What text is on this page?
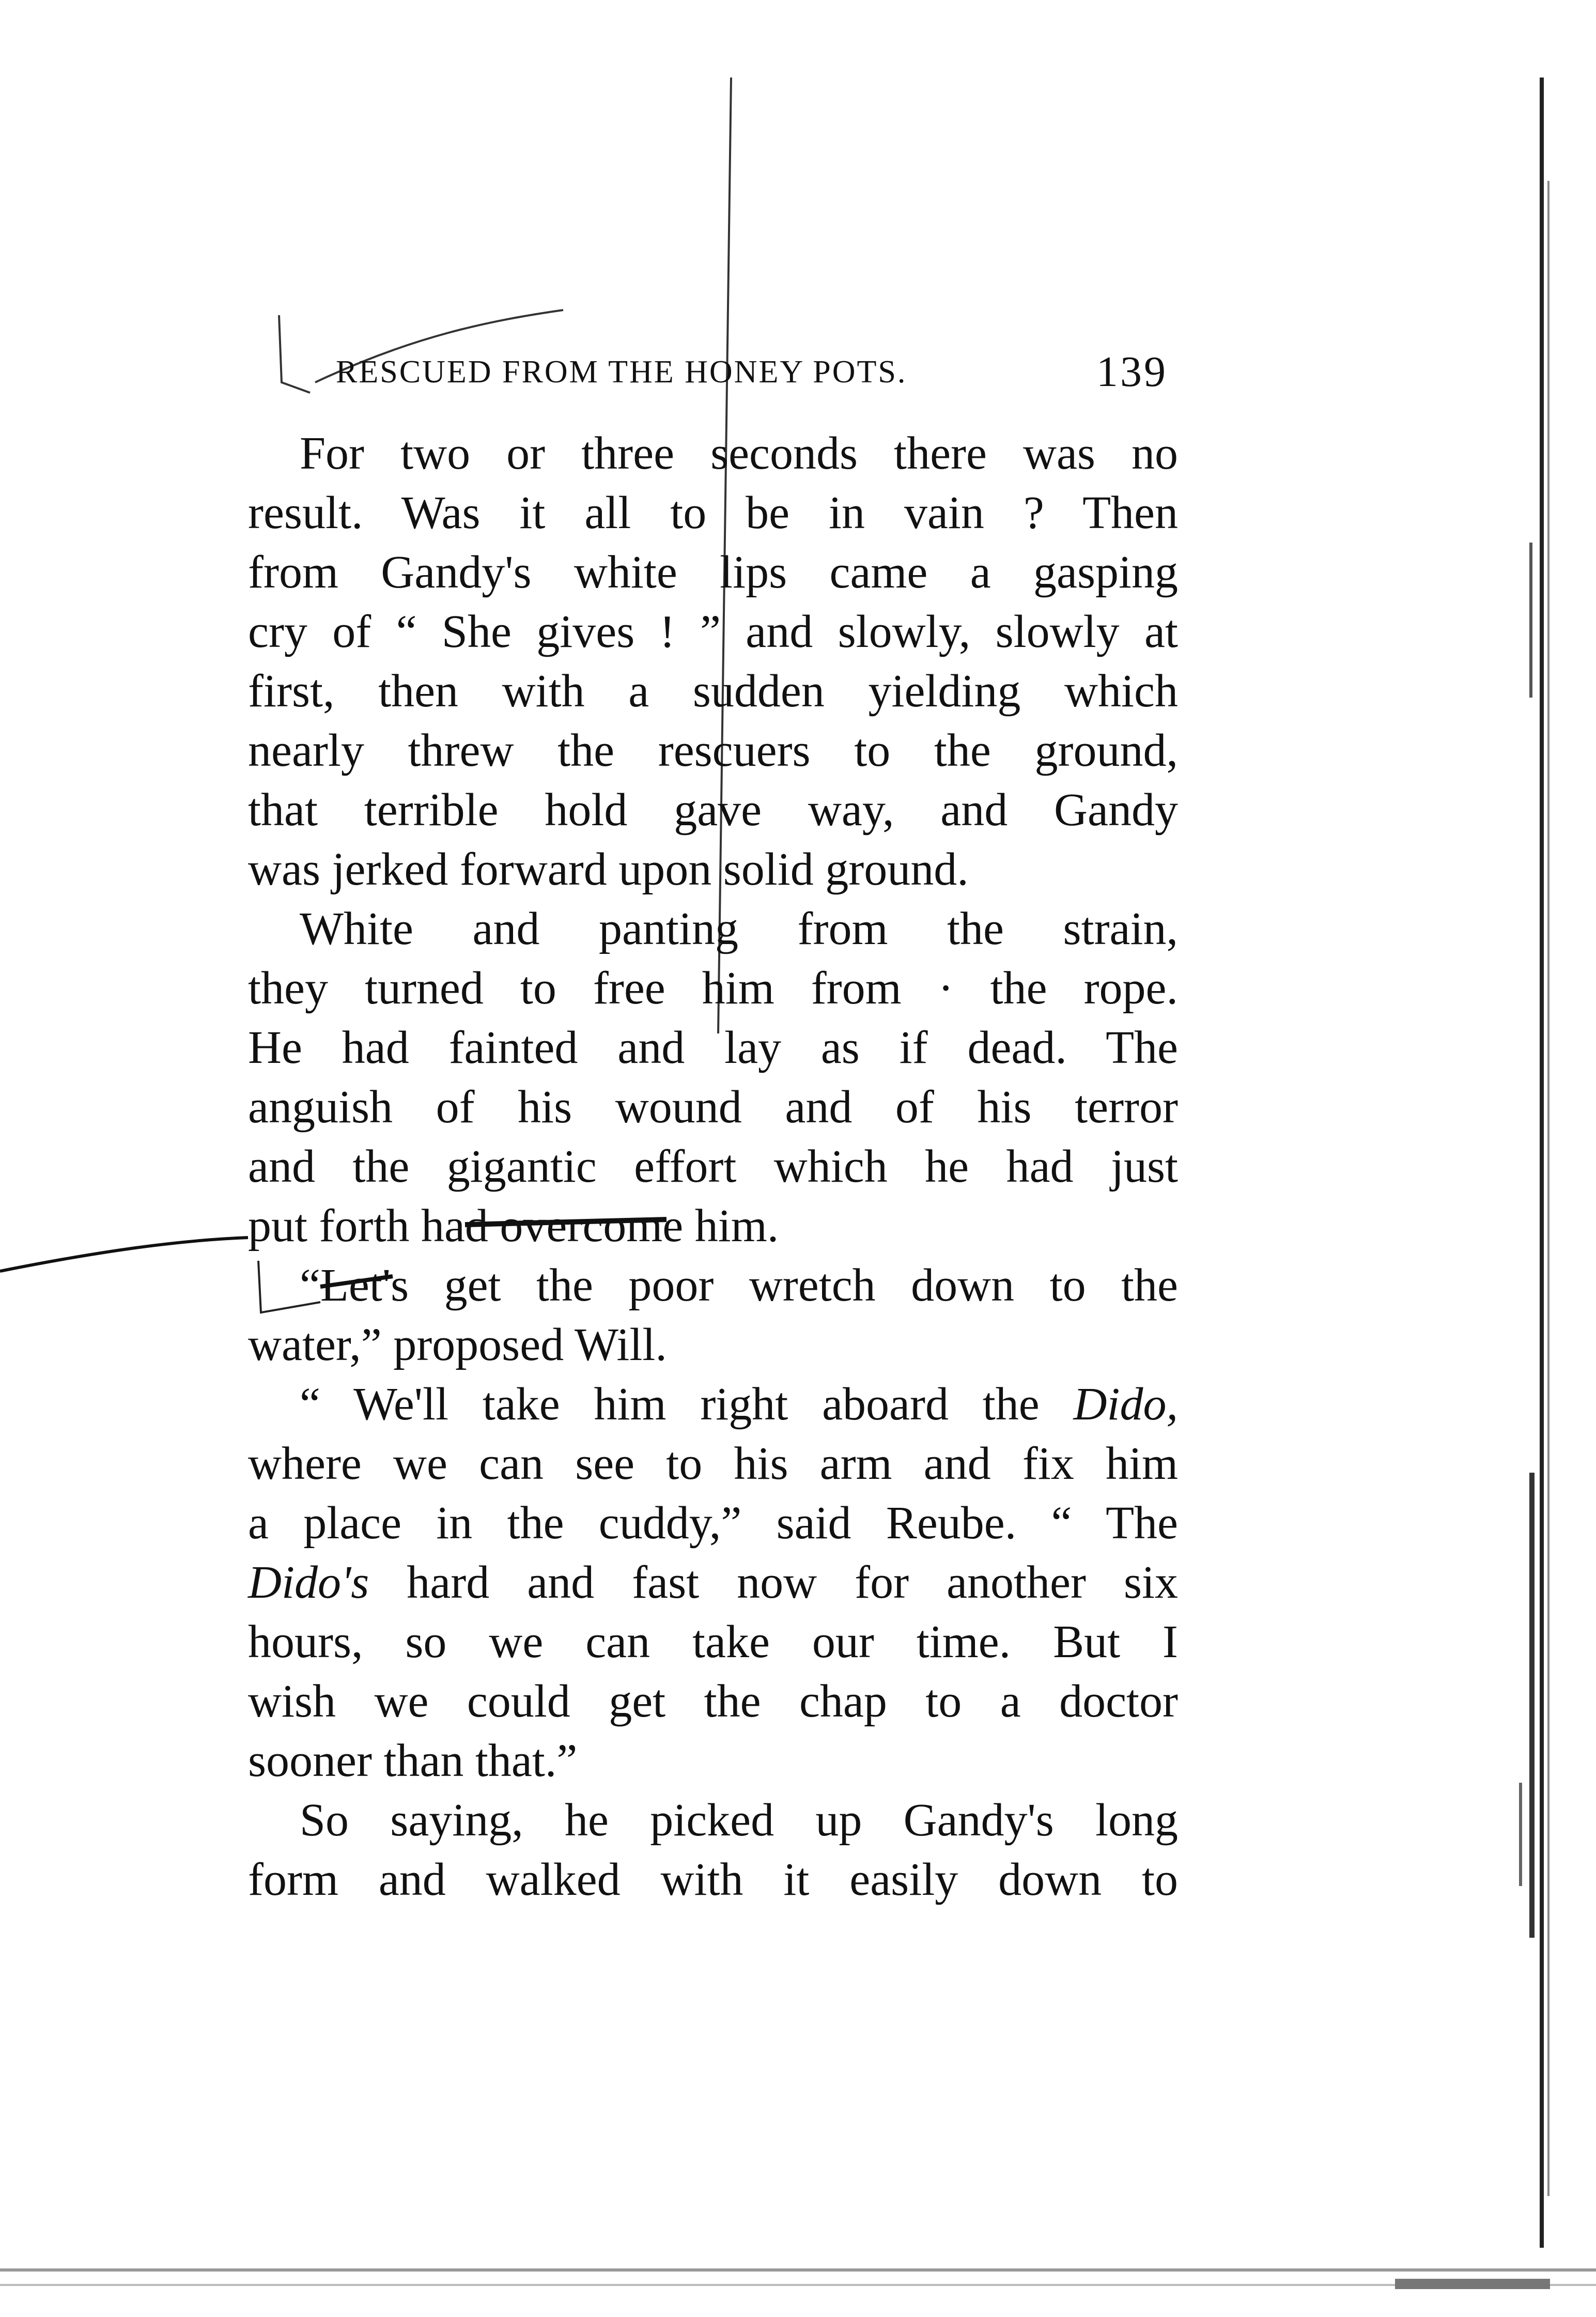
RESCUED FROM THE HONEY POTS.	139
For two or three seconds there was no
result. Was it all to be in vain ? Then
from Gandy's white lips came a gasping
cry of “ She gives ! ” and slowly, slowly at
first, then with a sudden yielding which
nearly threw the rescuers to the ground,
that terrible hold gave way, and Gandy
was jerked forward upon solid ground.
White and panting from the strain,
they turned to free him from · the rope.
He had fainted and lay as if dead. The
anguish of his wound and of his terror
and the gigantic effort which he had just
put forth had overcome him.
“Let's get the poor wretch down to the
water,” proposed Will.
“ We'll take him right aboard the Dido,
where we can see to his arm and fix him
a place in the cuddy,” said Reube. “ The
Dido's hard and fast now for another six
hours, so we can take our time. But I
wish we could get the chap to a doctor
sooner than that.”
So saying, he picked up Gandy's long
form and walked with it easily down to
